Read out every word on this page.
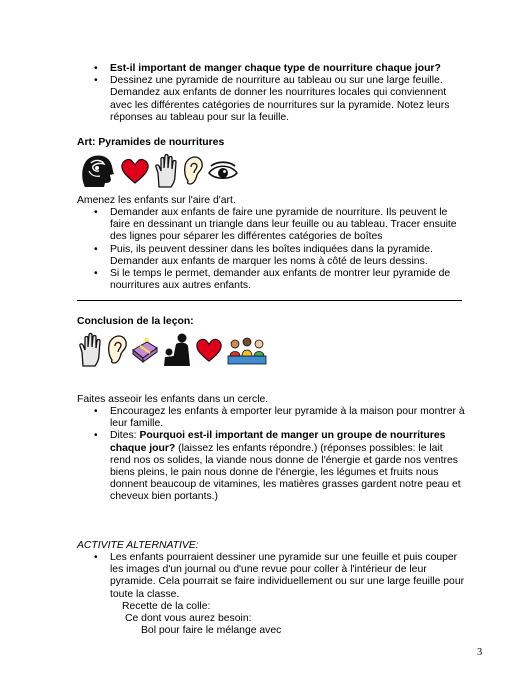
• Est-il important de manger chaque type de nourriture chaque jour?
• Dessinez une pyramide de nourriture au tableau ou sur une large feuille. Demandez aux enfants de donner les nourritures locales qui conviennent avec les différentes catégories de nourritures sur la pyramide. Notez leurs réponses au tableau pour sur la feuille.
Art: Pyramides de nourritures
Amenez les enfants sur l'aire d'art.
• Demander aux enfants de faire une pyramide de nourriture. Ils peuvent le faire en dessinant un triangle dans leur feuille ou au tableau. Tracer ensuite des lignes pour séparer les différentes catégories de boîtes
• Puis, ils peuvent dessiner dans les boîtes indiquées dans la pyramide. Demander aux enfants de marquer les noms à côté de leurs dessins.
• Si le temps le permet, demander aux enfants de montrer leur pyramide de nourritures aux autres enfants.
Conclusion de la leçon:
Faites asseoir les enfants dans un cercle.
• Encouragez les enfants à emporter leur pyramide à la maison pour montrer à leur famille.
• Dites: Pourquoi est-il important de manger un groupe de nourritures chaque jour? (laissez les enfants répondre.) (réponses possibles: le lait rend nos os solides, la viande nous donne de l'énergie et garde nos ventres biens pleins, le pain nous donne de l'énergie, les légumes et fruits nous donnent beaucoup de vitamines, les matières grasses gardent notre peau et cheveux bien portants.)
ACTIVITE ALTERNATIVE:
• Les enfants pourraient dessiner une pyramide sur une feuille et puis couper les images d'un journal ou d'une revue pour coller à l'intérieur de leur pyramide. Cela pourrait se faire individuellement ou sur une large feuille pour toute la classe.
Recette de la colle:
Ce dont vous aurez besoin:
Bol pour faire le mélange avec
3
